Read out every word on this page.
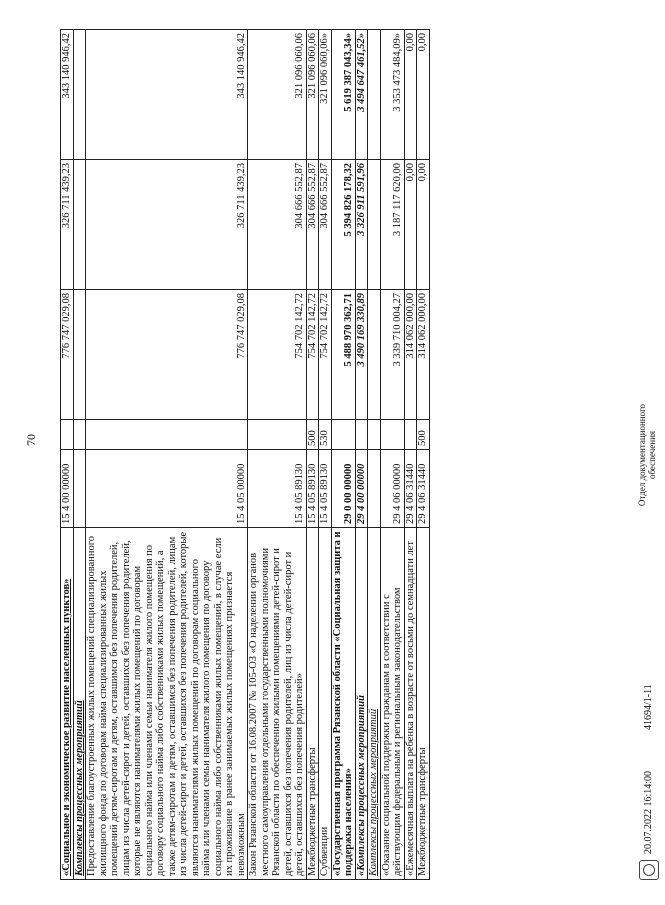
70
«Социальное и экономическое развитие населенных пунктов»	15 4 00 00000		776 747 029,08	326 711 439,23	343 140 946,42
Комплексы процессных мероприятий					
Предоставление благоустроенных жилых помещений специализированного жилищного фонда по договорам найма специализированных жилых помещений детям-сиротам и детям, оставшимся без попечения родителей, лицам из числа детей-сирот и детей, оставшихся без попечения родителей, которые не являются нанимателями жилых помещений по договорам социального найма или членами семьи нанимателя жилого помещения по договору социального найма либо собственниками жилых помещений, а также детям-сиротам и детям, оставшимся без попечения родителей, лицам из числа детей-сирот и детей, оставшихся без попечения родителей, которые являются нанимателями жилых помещений по договорам социального найма или членами семьи нанимателя жилого помещения по договору социального найма либо собственниками жилых помещений, в случае если их проживание в ранее занимаемых жилых помещениях признается невозможным	15 4 05 00000		776 747 029,08	326 711 439,23	343 140 946,42
Закон Рязанской области от 16.08.2007 № 105-ОЗ «О наделении органов местного самоуправления отдельными государственными полномочиями Рязанской области по обеспечению жилыми помещениями детей-сирот и детей, оставшихся без попечения родителей, лиц из числа детей-сирот и детей, оставшихся без попечения родителей»	15 4 05 89130		754 702 142,72	304 666 552,87	321 096 060,06
Межбюджетные трансферты	15 4 05 89130	500	754 702 142,72	304 666 552,87	321 096 060,06
Субвенции	15 4 05 89130	530	754 702 142,72	304 666 552,87	321 096 060,06»
«Государственная программа Рязанской области «Социальная защита и поддержка населения»	29 0 00 00000		5 488 970 362,71	5 394 826 178,32	5 619 387 043,34»
«Комплексы процессных мероприятий	29 4 00 00000		3 490 169 330,89	3 326 911 591,96	3 494 647 461,52»
Комплексы процессных мероприятий					
«Оказание социальной поддержки гражданам в соответствии с действующим федеральным и региональным законодательством	29 4 06 00000		3 339 710 004,27	3 187 117 620,00	3 353 473 484,09»
«Ежемесячная выплата на ребенка в возрасте от восьми до семнадцати лет	29 4 06 31440		314 062 000,00	0,00	0,00
Межбюджетные трансферты	29 4 06 31440	500	314 062 000,00	0,00	0,00
20.07.2022 16:14:00
41694/1-11
Отдел документационного обеспечения
